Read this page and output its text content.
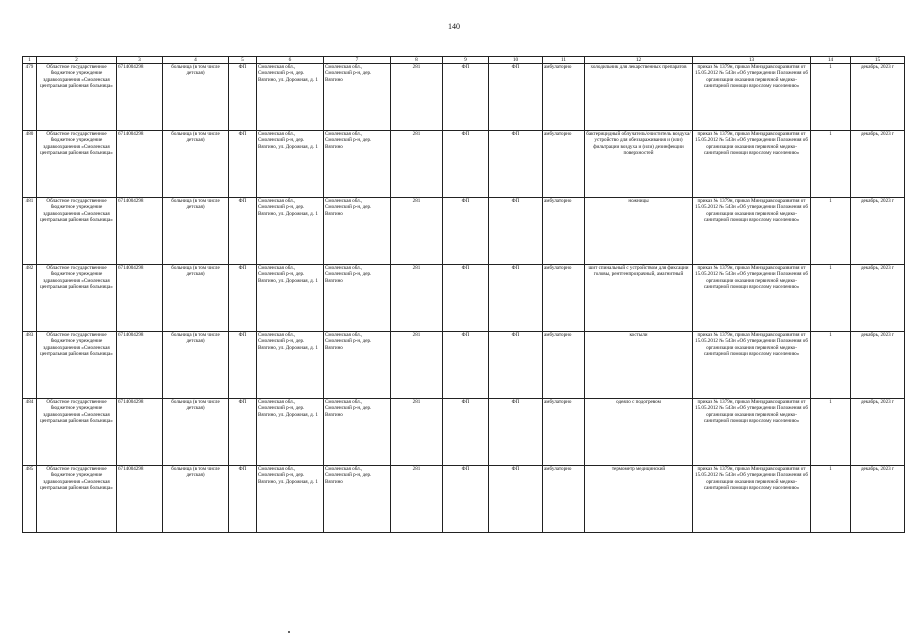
140
1	2	3	4	5	6	7	8	9	10	11	12	13	14	15
479	Областное государственное бюджетное учреждение здравоохранения «Смоленская центральная районная больница»	6714004298	больница (в том числе детская)	ФП	Смоленская обл., Смоленский р-н, дер. Вязгино, ул. Дорожная, д. 1	Смоленская обл., Смоленский р-н, дер. Вязгино	281	ФП	ФП	амбулаторно	холодильник для лекарственных препаратов	приказ № 1379н, приказ Минздравсоцразвития от 15.05.2012 № 543н «Об утверждении Положения об организации оказания первичной медико-санитарной помощи взрослому населению»	1	декабрь, 2023 г
480	Областное государственное бюджетное учреждение здравоохранения «Смоленская центральная районная больница»	6714004298	больница (в том числе детская)	ФП	Смоленская обл., Смоленский р-н, дер. Вязгино, ул. Дорожная, д. 1	Смоленская обл., Смоленский р-н, дер. Вязгино	281	ФП	ФП	амбулаторно	бактерицидный облучатель/очиститель воздуха/устройство для обеззараживания и (или) фильтрации воздуха и (или) дезинфекции поверхностей	приказ № 1379н, приказ Минздравсоцразвития от 15.05.2012 № 543н «Об утверждении Положения об организации оказания первичной медико-санитарной помощи взрослому населению»	1	декабрь, 2023 г
481	Областное государственное бюджетное учреждение здравоохранения «Смоленская центральная районная больница»	6714004298	больница (в том числе детская)	ФП	Смоленская обл., Смоленский р-н, дер. Вязгино, ул. Дорожная, д. 1	Смоленская обл., Смоленский р-н, дер. Вязгино	281	ФП	ФП	амбулаторно	ножницы	приказ № 1379н, приказ Минздравсоцразвития от 15.05.2012 № 543н «Об утверждении Положения об организации оказания первичной медико-санитарной помощи взрослому населению»	1	декабрь, 2023 г
482	Областное государственное бюджетное учреждение здравоохранения «Смоленская центральная районная больница»	6714004298	больница (в том числе детская)	ФП	Смоленская обл., Смоленский р-н, дер. Вязгино, ул. Дорожная, д. 1	Смоленская обл., Смоленский р-н, дер. Вязгино	281	ФП	ФП	амбулаторно	шит спинальный с устройством для фиксации головы, рентгенпрозрачный, амагнитный	приказ № 1379н, приказ Минздравсоцразвития от 15.05.2012 № 543н «Об утверждении Положения об организации оказания первичной медико-санитарной помощи взрослому населению»	1	декабрь, 2023 г
483	Областное государственное бюджетное учреждение здравоохранения «Смоленская центральная районная больница»	6714004298	больница (в том числе детская)	ФП	Смоленская обл., Смоленский р-н, дер. Вязгино, ул. Дорожная, д. 1	Смоленская обл., Смоленский р-н, дер. Вязгино	281	ФП	ФП	амбулаторно	костыли	приказ № 1379н, приказ Минздравсоцразвития от 15.05.2012 № 543н «Об утверждении Положения об организации оказания первичной медико-санитарной помощи взрослому населению»	1	декабрь, 2023 г
484	Областное государственное бюджетное учреждение здравоохранения «Смоленская центральная районная больница»	6714004298	больница (в том числе детская)	ФП	Смоленская обл., Смоленский р-н, дер. Вязгино, ул. Дорожная, д. 1	Смоленская обл., Смоленский р-н, дер. Вязгино	281	ФП	ФП	амбулаторно	одеяло с подогревом	приказ № 1379н, приказ Минздравсоцразвития от 15.05.2012 № 543н «Об утверждении Положения об организации оказания первичной медико-санитарной помощи взрослому населению»	1	декабрь, 2023 г
485	Областное государственное бюджетное учреждение здравоохранения «Смоленская центральная районная больница»	6714004298	больница (в том числе детская)	ФП	Смоленская обл., Смоленский р-н, дер. Вязгино, ул. Дорожная, д. 1	Смоленская обл., Смоленский р-н, дер. Вязгино	281	ФП	ФП	амбулаторно	термометр медицинский	приказ № 1379н, приказ Минздравсоцразвития от 15.05.2012 № 543н «Об утверждении Положения об организации оказания первичной медико-санитарной помощи взрослому населению»	1	декабрь, 2023 г
